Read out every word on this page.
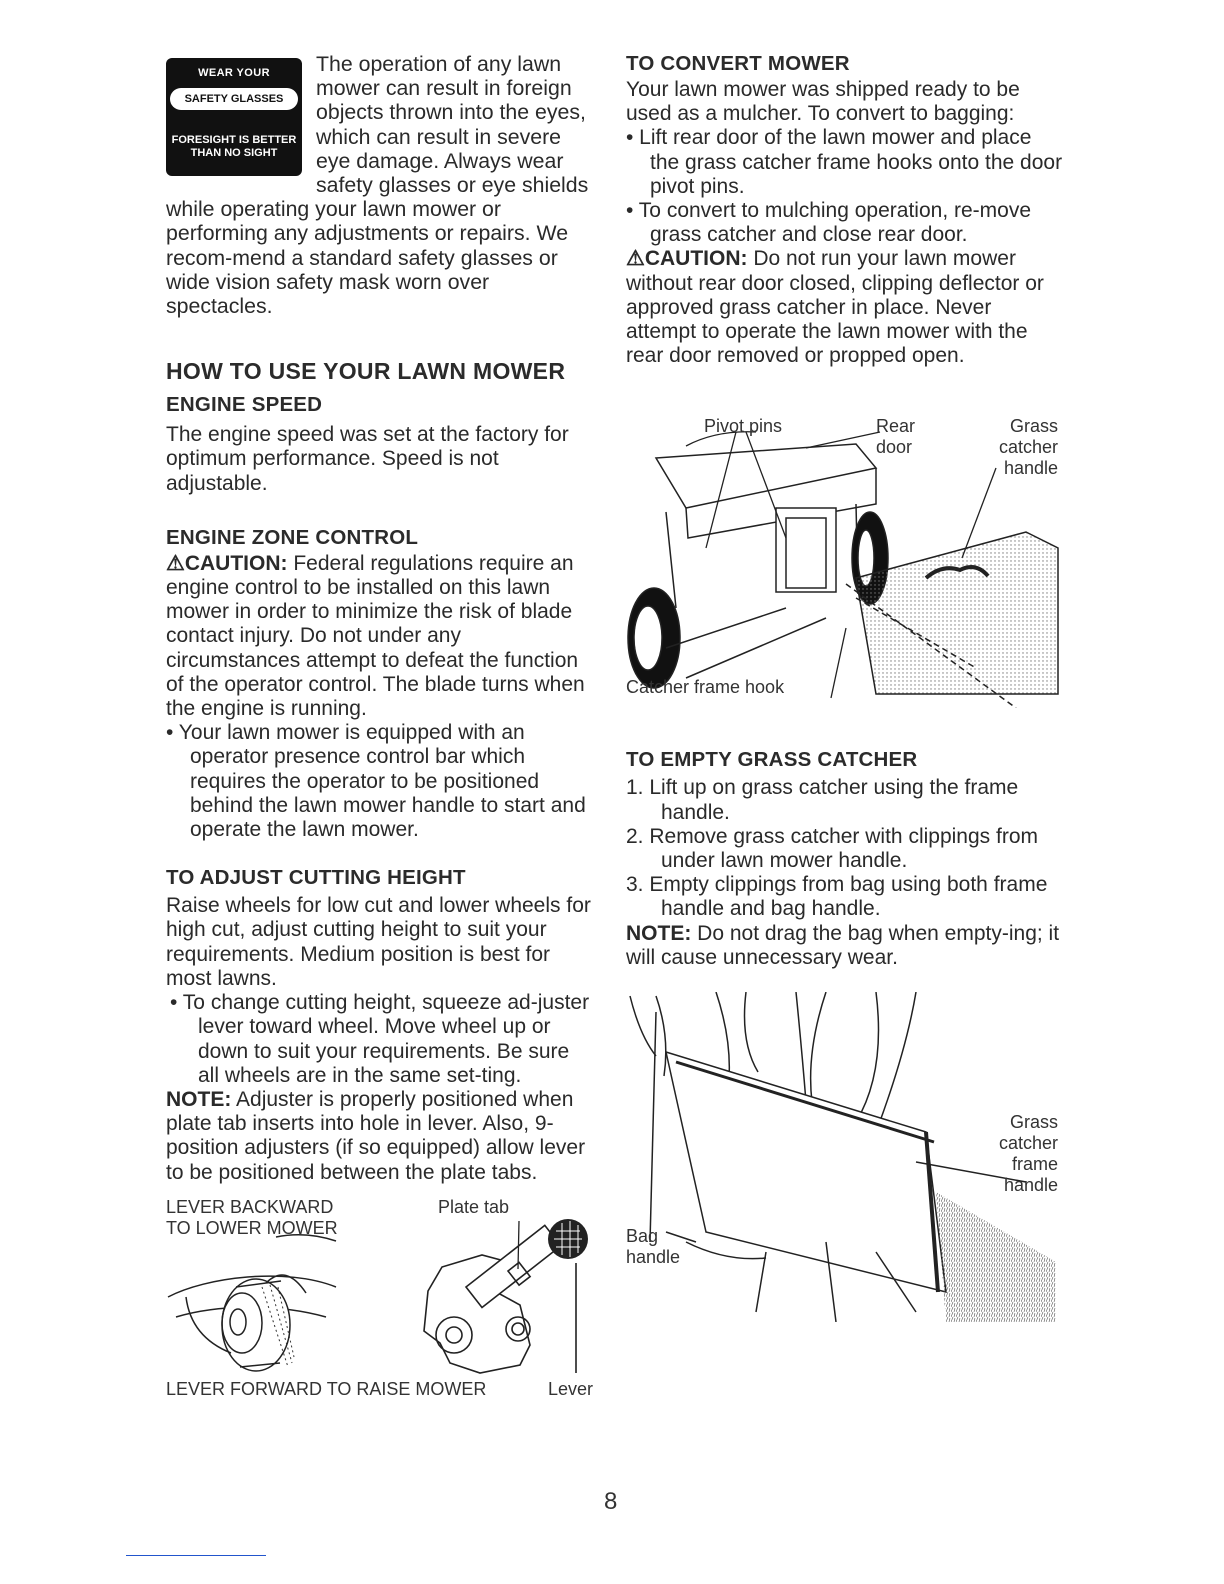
WEAR YOUR
SAFETY GLASSES
FORESIGHT IS BETTER
THAN NO SIGHT

The operation of any lawn mower can result in foreign objects thrown into the eyes, which can result in severe eye damage. Always wear safety glasses or eye shields while operating your lawn mower or performing any adjustments or repairs. We recom-mend a standard safety glasses or wide vision safety mask worn over spectacles.

HOW TO USE YOUR LAWN MOWER
ENGINE SPEED

The engine speed was set at the factory for optimum performance. Speed is not adjustable.

ENGINE ZONE CONTROL

⚠CAUTION: Federal regulations require an engine control to be installed on this lawn mower in order to minimize the risk of blade contact injury. Do not under any circumstances attempt to defeat the function of the operator control. The blade turns when the engine is running.

• Your lawn mower is equipped with an operator presence control bar which requires the operator to be positioned behind the lawn mower handle to start and operate the lawn mower.

TO ADJUST CUTTING HEIGHT

Raise wheels for low cut and lower wheels for high cut, adjust cutting height to suit your requirements. Medium position is best for most lawns.

• To change cutting height, squeeze ad-juster lever toward wheel. Move wheel up or down to suit your requirements. Be sure all wheels are in the same set-ting.

NOTE: Adjuster is properly positioned when plate tab inserts into hole in lever. Also, 9-position adjusters (if so equipped) allow lever to be positioned between the plate tabs.

LEVER BACKWARD
TO LOWER MOWER
Plate tab
LEVER FORWARD TO RAISE MOWER	Lever
TO CONVERT MOWER

Your lawn mower was shipped ready to be used as a mulcher. To convert to bagging:

• Lift rear door of the lawn mower and place the grass catcher frame hooks onto the door pivot pins.

• To convert to mulching operation, re-move grass catcher and close rear door.

⚠CAUTION: Do not run your lawn mower without rear door closed, clipping deflector or approved grass catcher in place. Never attempt to operate the lawn mower with the rear door removed or propped open.

Pivot pins	Rear
door
Grass
catcher
handle
Catcher frame hook
TO EMPTY GRASS CATCHER

1. Lift up on grass catcher using the frame handle.

2. Remove grass catcher with clippings from under lawn mower handle.

3. Empty clippings from bag using both frame handle and bag handle.

NOTE: Do not drag the bag when empty-ing; it will cause unnecessary wear.

Grass
catcher
frame
handle
Bag
handle
8
